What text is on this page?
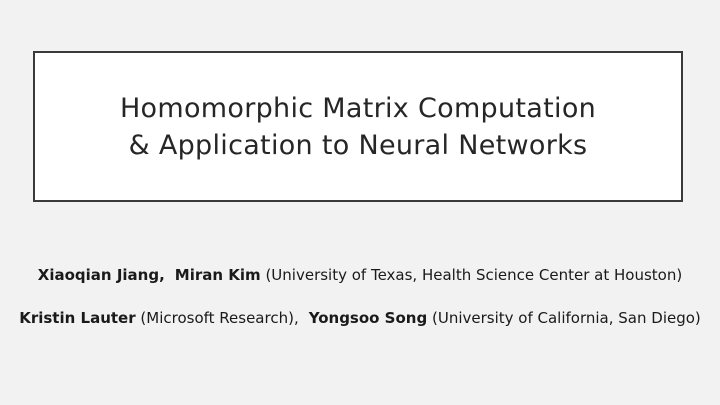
Homomorphic Matrix Computation
& Application to Neural Networks
Xiaoqian Jiang, Miran Kim (University of Texas, Health Science Center at Houston)
Kristin Lauter (Microsoft Research), Yongsoo Song (University of California, San Diego)
